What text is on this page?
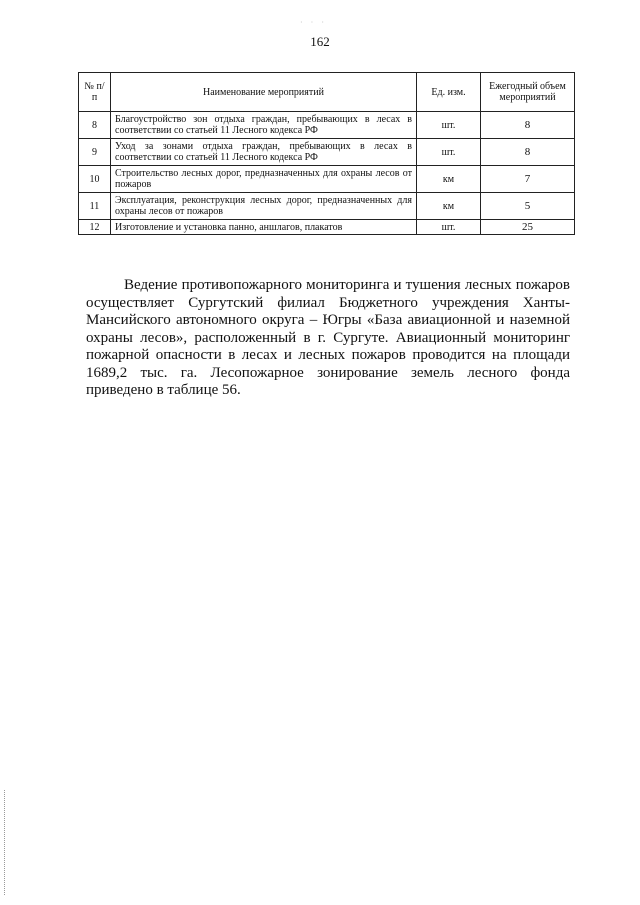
· · ·
162
№ п/п	Наименование мероприятий	Ед. изм.	Ежегодный объем мероприятий
8	Благоустройство зон отдыха граждан, пребывающих в лесах в соответствии со статьей 11 Лесного кодекса РФ	шт.	8
9	Уход за зонами отдыха граждан, пребывающих в лесах в соответствии со статьей 11 Лесного кодекса РФ	шт.	8
10	Строительство лесных дорог, предназначенных для охраны лесов от пожаров	км	7
11	Эксплуатация, реконструкция лесных дорог, предназначенных для охраны лесов от пожаров	км	5
12	Изготовление и установка панно, аншлагов, плакатов	шт.	25

Ведение противопожарного мониторинга и тушения лесных пожаров осуществляет Сургутский филиал Бюджетного учреждения Ханты-Мансийского автономного округа – Югры «База авиационной и наземной охраны лесов», расположенный в г. Сургуте. Авиационный мониторинг пожарной опасности в лесах и лесных пожаров проводится на площади 1689,2 тыс. га. Лесопожарное зонирование земель лесного фонда приведено в таблице 56.
